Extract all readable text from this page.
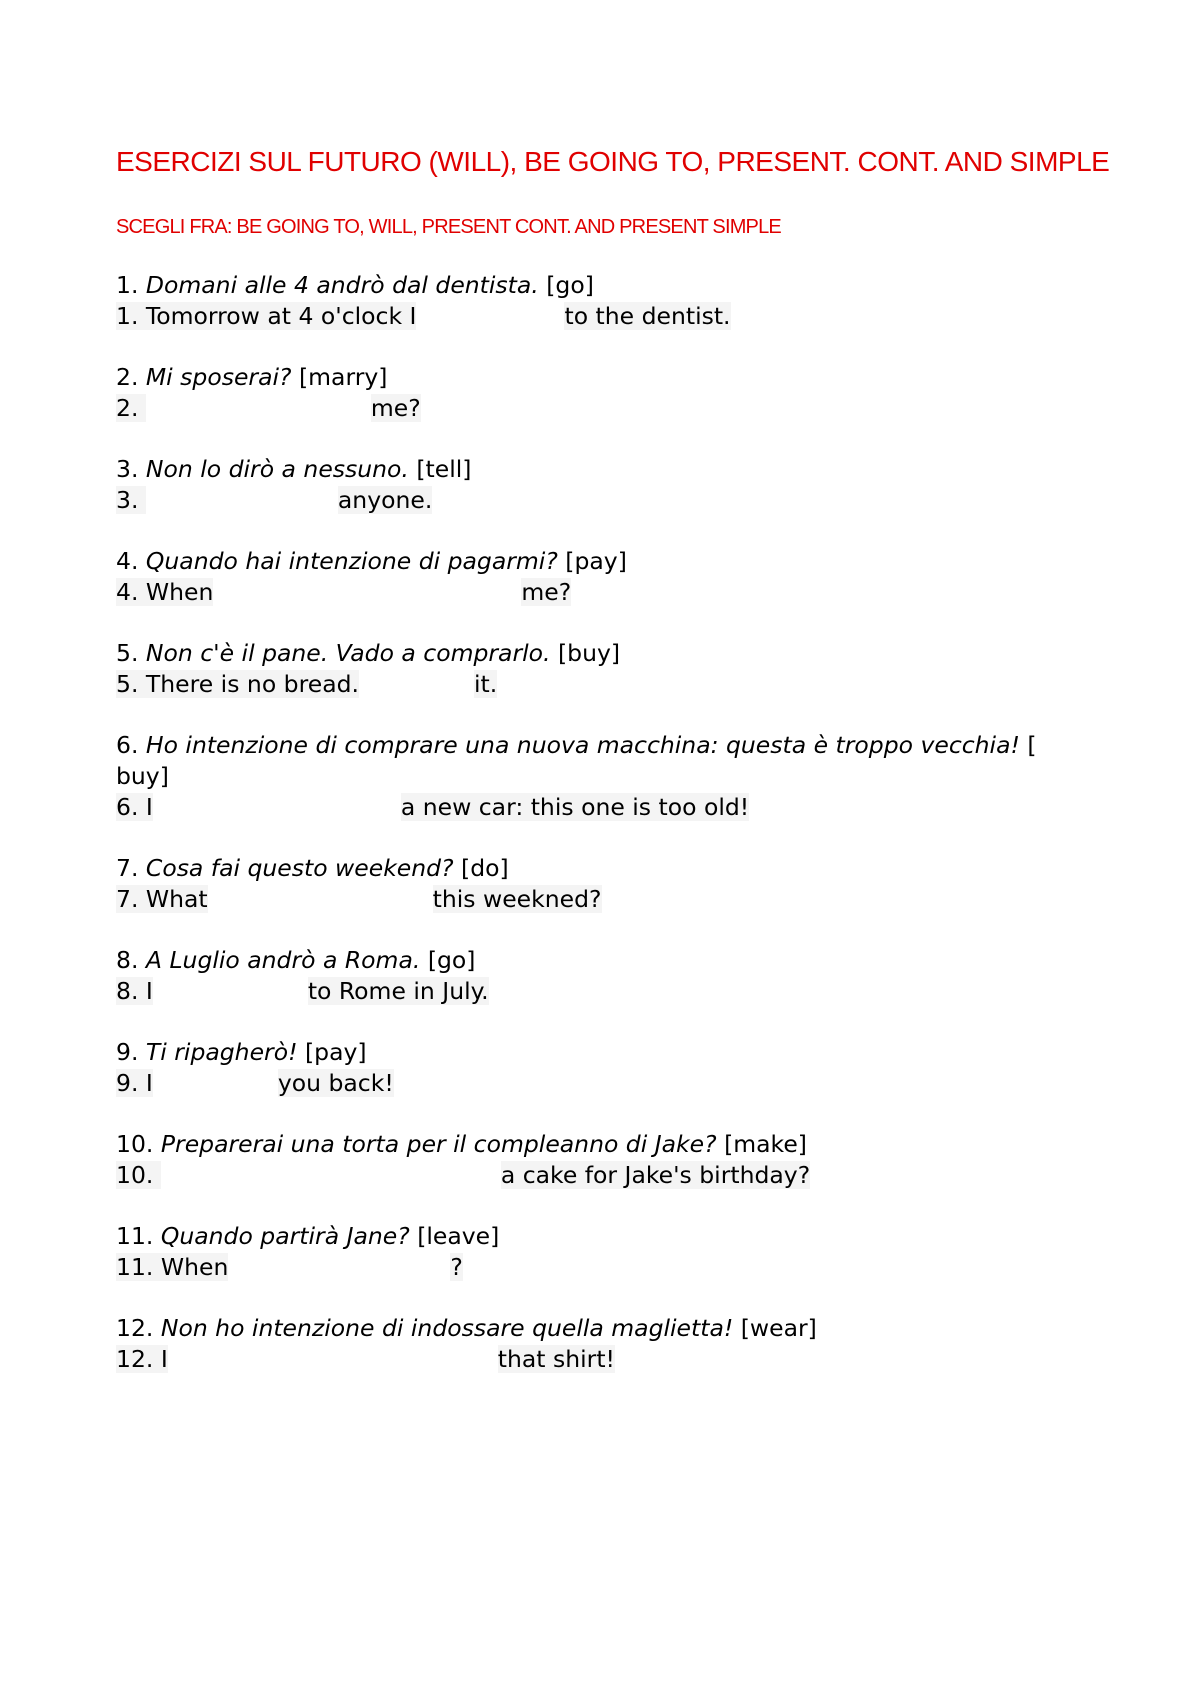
ESERCIZI SUL FUTURO (WILL), BE GOING TO, PRESENT. CONT. AND SIMPLE
SCEGLI FRA: BE GOING TO, WILL, PRESENT CONT. AND PRESENT SIMPLE
1. Domani alle 4 andrò dal dentista. [go]
1. Tomorrow at 4 o'clock I	to the dentist.
2. Mi sposerai? [marry]
2.	me?
3. Non lo dirò a nessuno. [tell]
3.	anyone.
4. Quando hai intenzione di pagarmi? [pay]
4. When	me?
5. Non c'è il pane. Vado a comprarlo. [buy]
5. There is no bread.	it.
6. Ho intenzione di comprare una nuova macchina: questa è troppo vecchia! [ buy]
6. I	a new car: this one is too old!
7. Cosa fai questo weekend? [do]
7. What	this weekned?
8. A Luglio andrò a Roma. [go]
8. I	to Rome in July.
9. Ti ripagherò! [pay]
9. I	you back!
10. Preparerai una torta per il compleanno di Jake? [make]
10.	a cake for Jake's birthday?
11. Quando partirà Jane? [leave]
11. When	?
12. Non ho intenzione di indossare quella maglietta! [wear]
12. I	that shirt!
